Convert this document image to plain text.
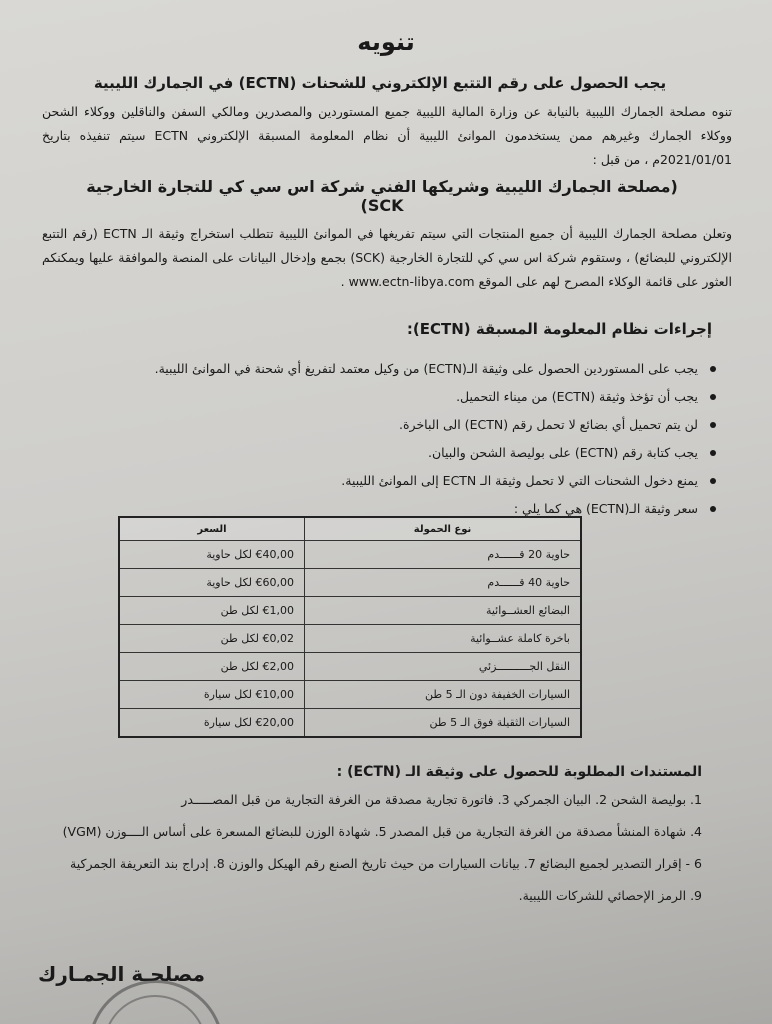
تنويه
يجب الحصول على رقم التتبع الإلكتروني للشحنات (ECTN) في الجمارك الليبية
تنوه مصلحة الجمارك الليبية بالنيابة عن وزارة المالية الليبية جميع المستوردين والمصدرين ومالكي السفن والناقلين ووكلاء الشحن ووكلاء الجمارك وغيرهم ممن يستخدمون الموانئ الليبية أن نظام المعلومة المسبقة الإلكتروني ECTN سيتم تنفيذه بتاريخ 2021/01/01م ، من قبل :
(مصلحة الجمارك الليبية وشريكها الفني شركة اس سي كي للتجارة الخارجية SCK)
وتعلن مصلحة الجمارك الليبية أن جميع المنتجات التي سيتم تفريغها في الموانئ الليبية تتطلب استخراج وثيقة الـ ECTN (رقم التتبع الإلكتروني للبضائع) ، وستقوم شركة اس سي كي للتجارة الخارجية (SCK) بجمع وإدخال البيانات على المنصة والموافقة عليها ويمكنكم العثور على قائمة الوكلاء المصرح لهم على الموقع www.ectn-libya.com .
إجراءات نظام المعلومة المسبقة (ECTN):
يجب على المستوردين الحصول على وثيقة الـ(ECTN) من وكيل معتمد لتفريغ أي شحنة في الموانئ الليبية.
يجب أن تؤخذ وثيقة (ECTN) من ميناء التحميل.
لن يتم تحميل أي بضائع لا تحمل رقم (ECTN) الى الباخرة.
يجب كتابة رقم (ECTN) على بوليصة الشحن والبيان.
يمنع دخول الشحنات التي لا تحمل وثيقة الـ ECTN إلى الموانئ الليبية.
سعر وثيقة الـ(ECTN) هي كما يلي :
نوع الحمولة	السعر
حاوية 20 قــــــدم	€40,00 لكل حاوية
حاوية 40 قــــــدم	€60,00 لكل حاوية
البضائع العشــوائية	€1,00 لكل طن
باخرة كاملة عشــوائية	€0,02 لكل طن
النقل الجــــــــــزئي	€2,00 لكل طن
السيارات الخفيفة دون الـ 5 طن	€10,00 لكل سيارة
السيارات الثقيلة فوق الـ 5 طن	€20,00 لكل سيارة
المستندات المطلوبة للحصول على وثيقة الـ (ECTN) :
1. بوليصة الشحن 2. البيان الجمركي 3. فاتورة تجارية مصدقة من الغرفة التجارية من قبل المصـــــدر
4. شهادة المنشأ مصدقة من الغرفة التجارية من قبل المصدر 5. شهادة الوزن للبضائع المسعرة على أساس الــــوزن (VGM)
6 - إقرار التصدير لجميع البضائع 7. بيانات السيارات من حيث تاريخ الصنع رقم الهيكل والوزن 8. إدراج بند التعريفة الجمركية
9. الرمز الإحصائي للشركات الليبية.
مصلحـة الجمـارك
